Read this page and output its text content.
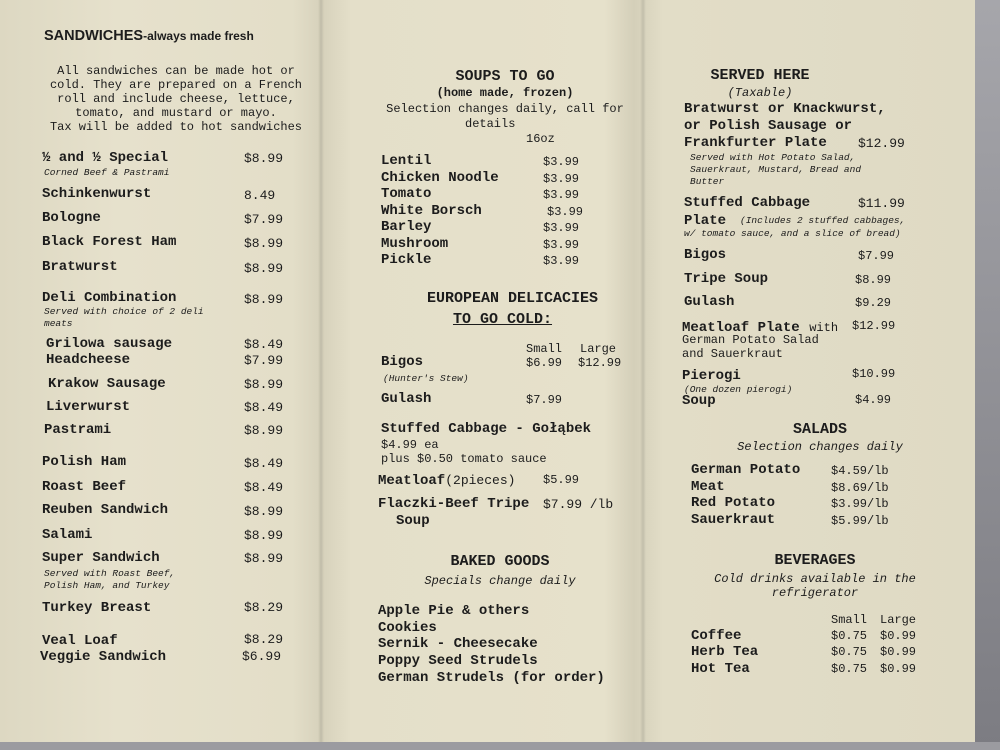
SANDWICHES-always made fresh
All sandwiches can be made hot or
cold. They are prepared on a French
roll and include cheese, lettuce,
tomato, and mustard or mayo.
Tax will be added to hot sandwiches
½ and ½ Special	$8.99
Corned Beef & Pastrami
Schinkenwurst	8.49
Bologne	$7.99
Black Forest Ham	$8.99
Bratwurst	$8.99
Deli Combination	$8.99
Served with choice of 2 deli
meats
Grilowa sausage	$8.49
Headcheese	$7.99
Krakow Sausage	$8.99
Liverwurst	$8.49
Pastrami	$8.99
Polish Ham	$8.49
Roast Beef	$8.49
Reuben Sandwich	$8.99
Salami	$8.99
Super Sandwich	$8.99
Served with Roast Beef,
Polish Ham, and Turkey
Turkey Breast	$8.29
Veal Loaf	$8.29
Veggie Sandwich	$6.99
SOUPS TO GO
(home made, frozen)
Selection changes daily, call for
details
16oz
Lentil	$3.99
Chicken Noodle	$3.99
Tomato	$3.99
White Borsch	$3.99
Barley	$3.99
Mushroom	$3.99
Pickle	$3.99
EUROPEAN DELICACIES
TO GO COLD:
Small Large
Bigos	$6.99 $12.99
(Hunter's Stew)
Gulash	$7.99
Stuffed Cabbage - Gołąbek
$4.99 ea
plus $0.50 tomato sauce
Meatloaf(2pieces) $5.99
Flaczki-Beef Tripe $7.99 /lb
Soup
BAKED GOODS
Specials change daily
Apple Pie & others
Cookies
Sernik - Cheesecake
Poppy Seed Strudels
German Strudels (for order)
SERVED HERE
(Taxable)
Bratwurst or Knackwurst,
or Polish Sausage or
Frankfurter Plate $12.99
Served with Hot Potato Salad,
Sauerkraut, Mustard, Bread and
Butter
Stuffed Cabbage	$11.99
Plate (Includes 2 stuffed cabbages,
w/ tomato sauce, and a slice of bread)
Bigos	$7.99
Tripe Soup	$8.99
Gulash	$9.29
Meatloaf Plate with $12.99
German Potato Salad
and Sauerkraut
Pierogi	$10.99
(One dozen pierogi)
Soup	$4.99
SALADS
Selection changes daily
German Potato	$4.59/lb
Meat	$8.69/lb
Red Potato	$3.99/lb
Sauerkraut	$5.99/lb
BEVERAGES
Cold drinks available in the
refrigerator
Small Large
Coffee	$0.75 $0.99
Herb Tea	$0.75 $0.99
Hot Tea	$0.75 $0.99
